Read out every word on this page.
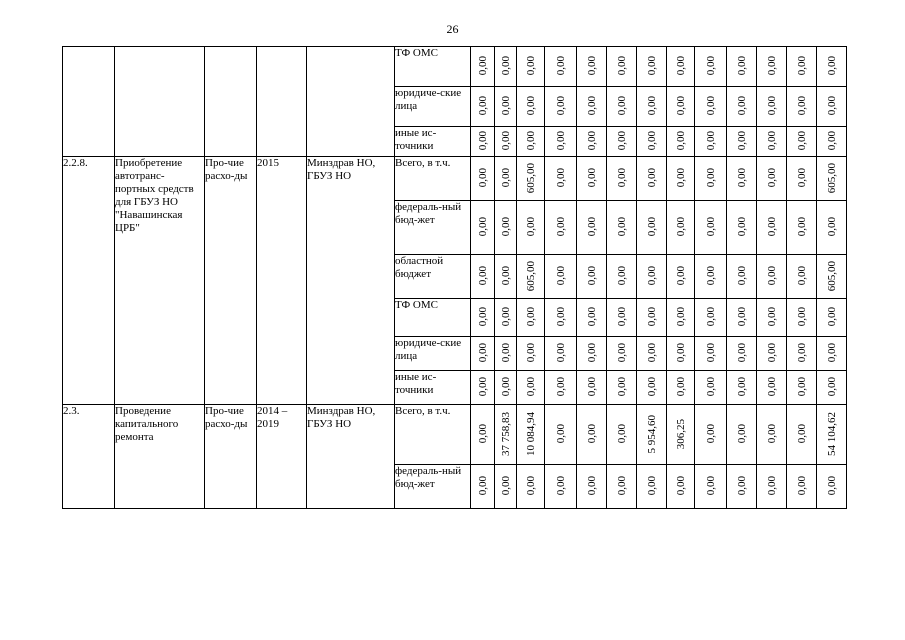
26
					ТФ ОМС	0,00	0,00	0,00	0,00	0,00	0,00	0,00	0,00	0,00	0,00	0,00	0,00	0,00

					юридиче-ские лица	0,00	0,00	0,00	0,00	0,00	0,00	0,00	0,00	0,00	0,00	0,00	0,00	0,00

					иные ис-точники	0,00	0,00	0,00	0,00	0,00	0,00	0,00	0,00	0,00	0,00	0,00	0,00	0,00

2.2.8.	Приобретение автотранс-портных средств для ГБУЗ НО "Навашинская ЦРБ"	Про-чие расхо-ды	2015	Минздрав НО, ГБУЗ НО	Всего, в т.ч.	0,00	0,00	605,00	0,00	0,00	0,00	0,00	0,00	0,00	0,00	0,00	0,00	605,00

					федераль-ный бюд-жет	0,00	0,00	0,00	0,00	0,00	0,00	0,00	0,00	0,00	0,00	0,00	0,00	0,00

					областной бюджет	0,00	0,00	605,00	0,00	0,00	0,00	0,00	0,00	0,00	0,00	0,00	0,00	605,00

					ТФ ОМС	0,00	0,00	0,00	0,00	0,00	0,00	0,00	0,00	0,00	0,00	0,00	0,00	0,00

					юридиче-ские лица	0,00	0,00	0,00	0,00	0,00	0,00	0,00	0,00	0,00	0,00	0,00	0,00	0,00

					иные ис-точники	0,00	0,00	0,00	0,00	0,00	0,00	0,00	0,00	0,00	0,00	0,00	0,00	0,00

2.3.	Проведение капитального ремонта	Про-чие расхо-ды	2014 – 2019	Минздрав НО, ГБУЗ НО	Всего, в т.ч.	0,00	37 758,83	10 084,94	0,00	0,00	0,00	5 954,60	306,25	0,00	0,00	0,00	0,00	54 104,62

					федераль-ный бюд-жет	0,00	0,00	0,00	0,00	0,00	0,00	0,00	0,00	0,00	0,00	0,00	0,00	0,00
